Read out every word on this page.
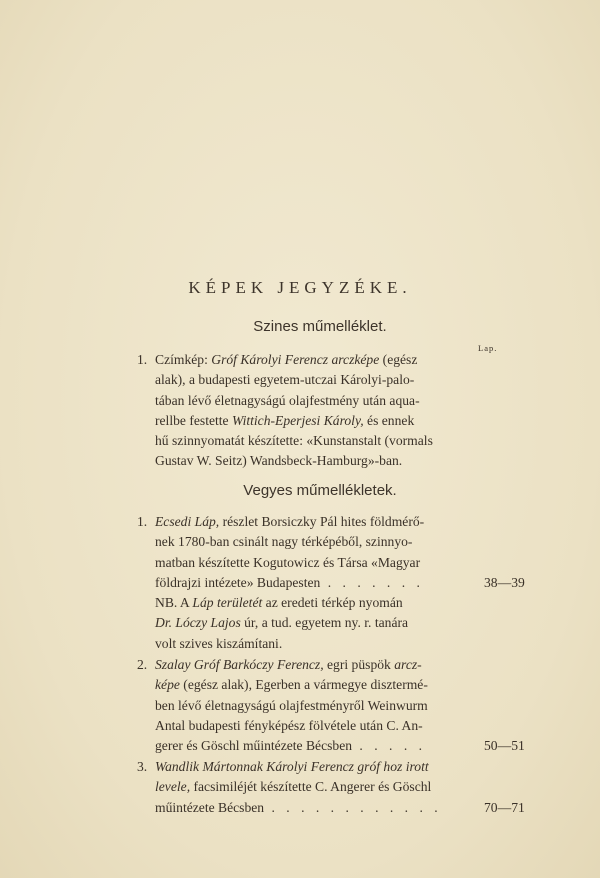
KÉPEK JEGYZÉKE.
Szines műmelléklet.
Lap.
Vegyes műmellékletek.
1. Czímkép: Gróf Károlyi Ferencz arczképe (egész
alak), a budapesti egyetem-utczai Károlyi-palo-
tában lévő életnagyságú olajfestmény után aqua-
rellbe festette Wittich-Eperjesi Károly, és ennek
hű szinnyomatát készítette: «Kunstanstalt (vormals
Gustav W. Seitz) Wandsbeck-Hamburg»-ban.
1. Ecsedi Láp, részlet Borsiczky Pál hites földmérő-
nek 1780-ban csinált nagy térképéből, szinnyo-
matban készítette Kogutowicz és Társa «Magyar
földrajzi intézete» Budapesten . . . . . . .	38—39
NB. A Láp területét az eredeti térkép nyomán
Dr. Lóczy Lajos úr, a tud. egyetem ny. r. tanára
volt szives kiszámítani.
2. Szalay Gróf Barkóczy Ferencz, egri püspök arcz-
képe (egész alak), Egerben a vármegye disztermé-
ben lévő életnagyságú olajfestményről Weinwurm
Antal budapesti fényképész fölvétele után C. An-
gerer és Göschl műintézete Bécsben . . . . .	50—51
3. Wandlik Mártonnak Károlyi Ferencz gróf hoz irott
levele, facsimiléjét készítette C. Angerer és Göschl
műintézete Bécsben . . . . . . . . . . . .	70—71
